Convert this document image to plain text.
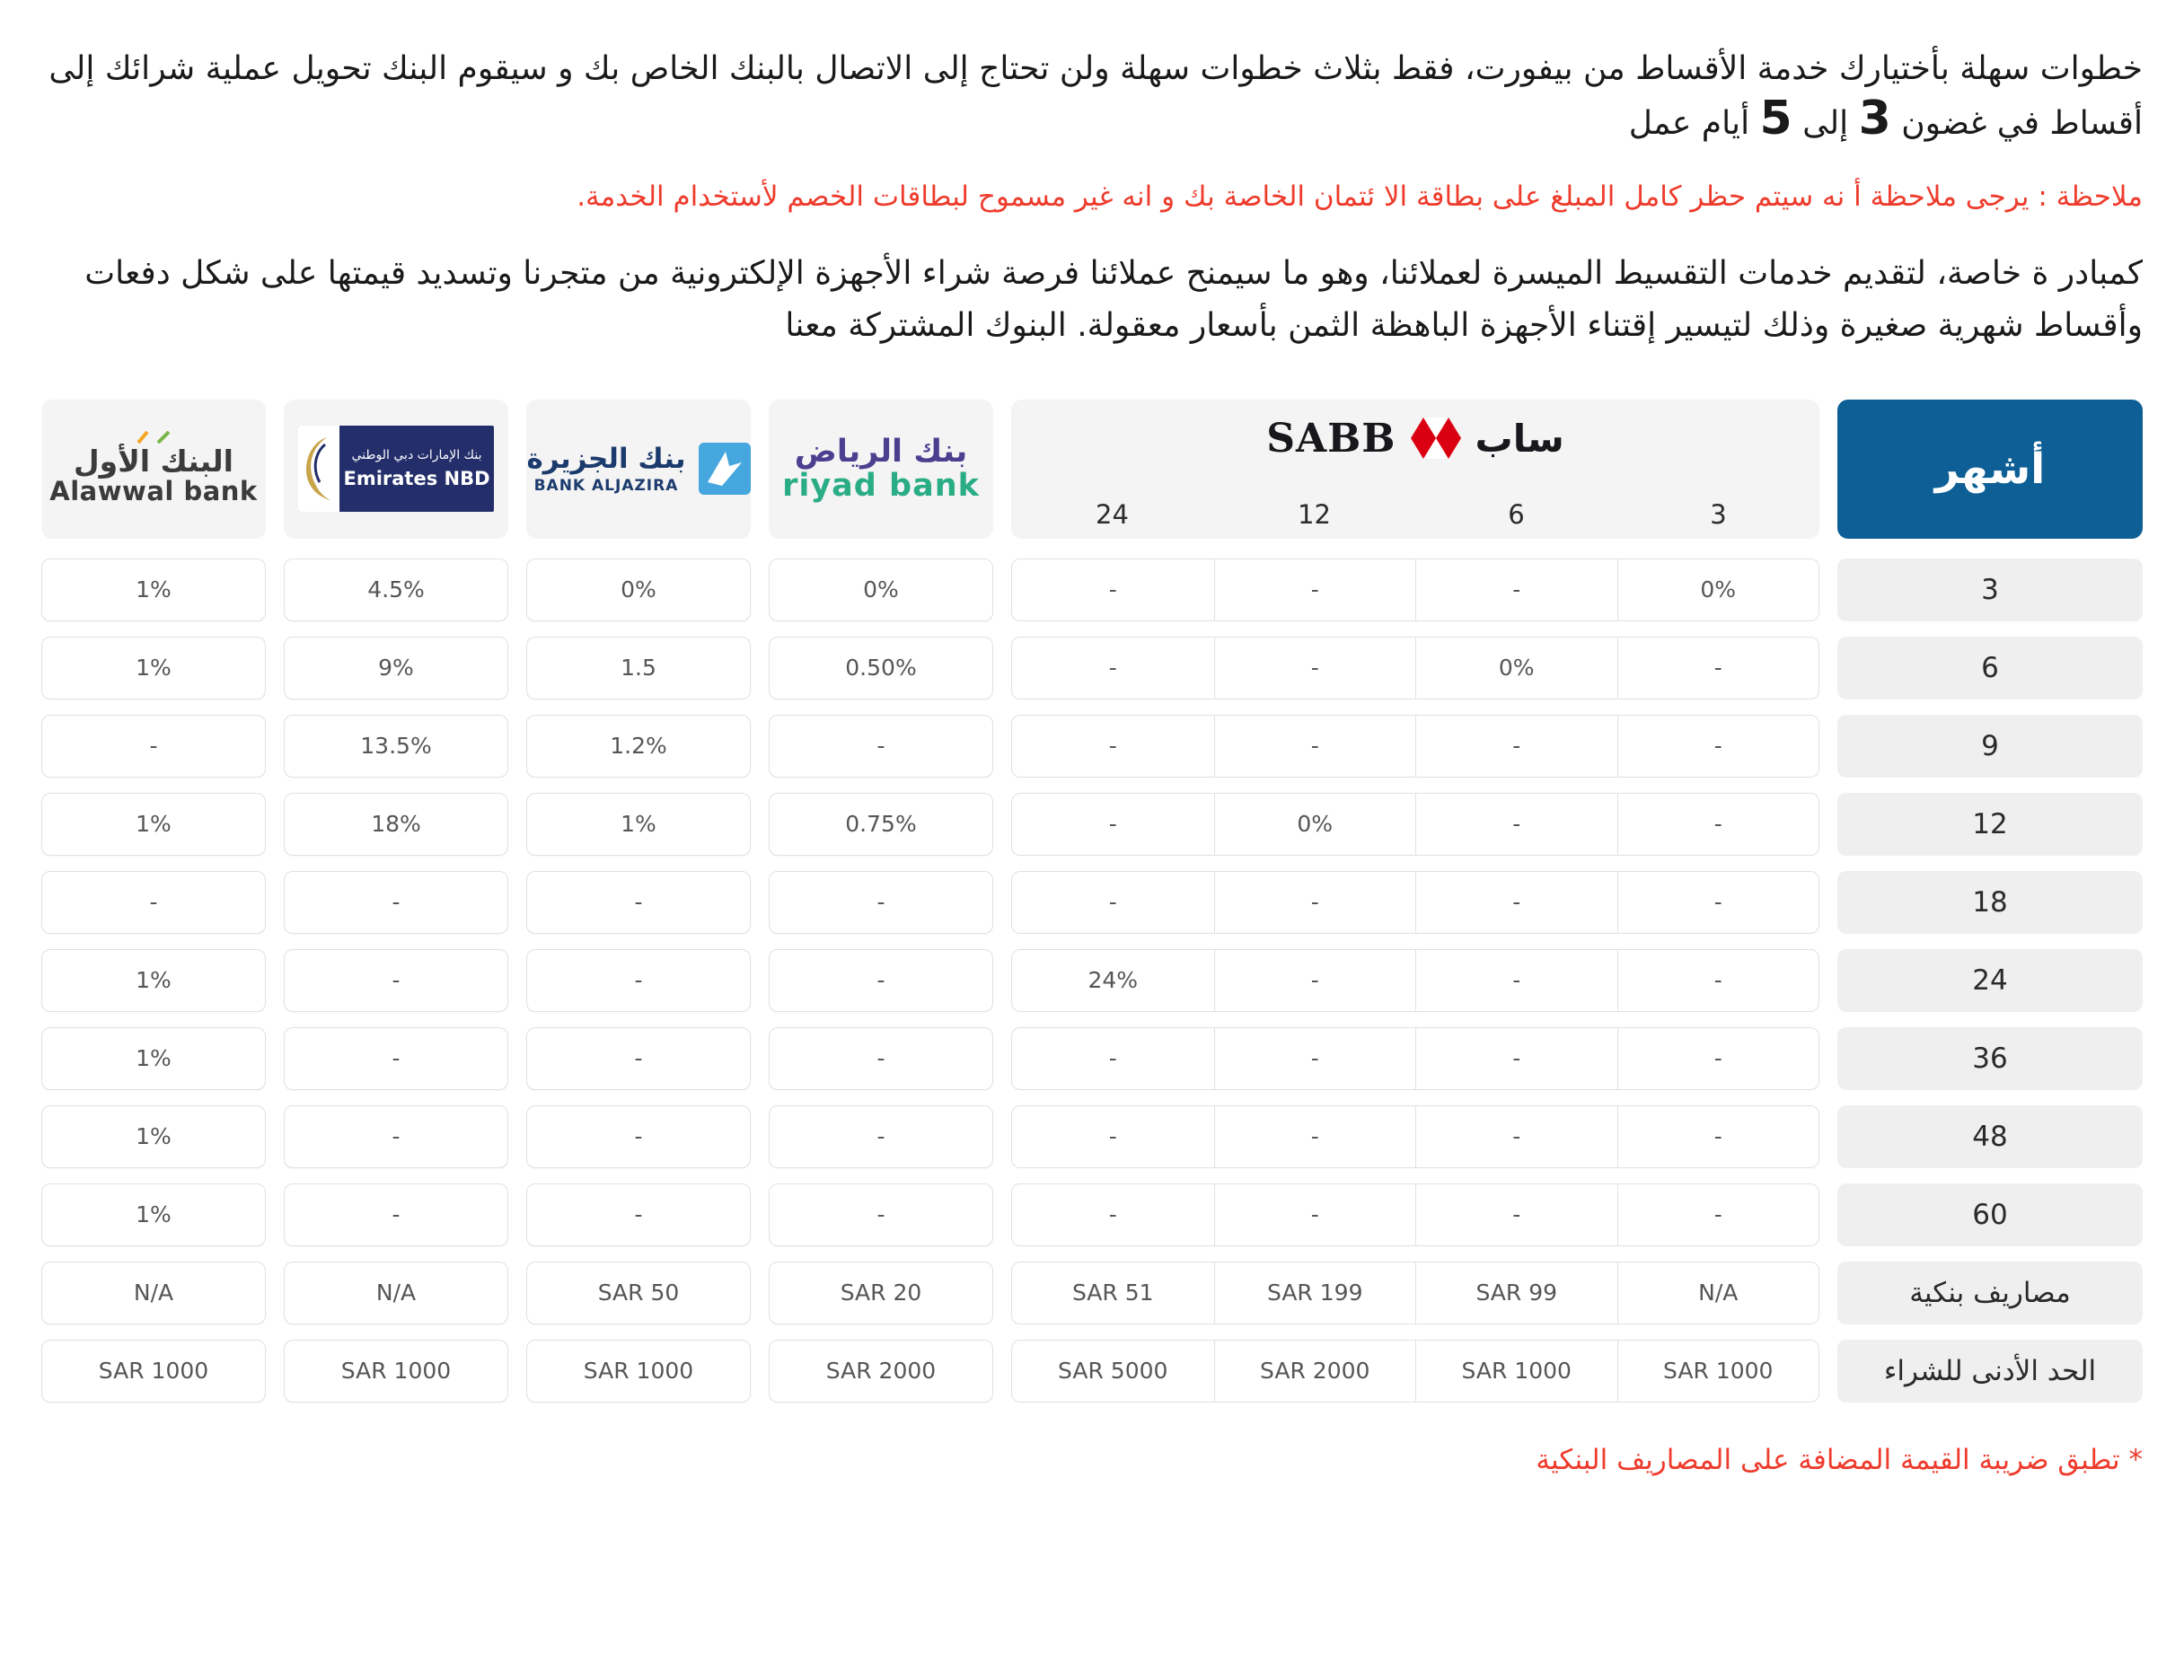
خطوات سهلة بأختيارك خدمة الأقساط من بيفورت، فقط بثلاث خطوات سهلة ولن تحتاج إلى الاتصال بالبنك الخاص بك و سيقوم البنك تحويل عملية شرائك إلى أقساط في غضون 3 إلى 5 أيام عمل

ملاحظة : يرجى ملاحظة أ نه سيتم حظر كامل المبلغ على بطاقة الا ئتمان الخاصة بك و انه غير مسموح لبطاقات الخصم لأستخدام الخدمة.

كمبادر ة خاصة، لتقديم خدمات التقسيط الميسرة لعملائنا، وهو ما سيمنح عملائنا فرصة شراء الأجهزة الإلكترونية من متجرنا وتسديد قيمتها على شكل دفعات وأقساط شهرية صغيرة وذلك لتيسير إقتناء الأجهزة الباهظة الثمن بأسعار معقولة. البنوك المشتركة معنا

البنك الأول
Alawwal bank
بنك الإمارات دبي الوطني
Emirates NBD
بنك الجزيرة
BANK ALJAZIRA
بنك الرياض
riyad bank
SABB ساب
24	12	6	3
أشهر
1%	4.5%	0%	0%	-	-	-	0%	3
1%	9%	1.5	0.50%	-	-	0%	-	6
-	13.5%	1.2%	-	-	-	-	-	9
1%	18%	1%	0.75%	-	0%	-	-	12
-	-	-	-	-	-	-	-	18
1%	-	-	-	24%	-	-	-	24
1%	-	-	-	-	-	-	-	36
1%	-	-	-	-	-	-	-	48
1%	-	-	-	-	-	-	-	60
N/A	N/A	SAR 50	SAR 20	SAR 51	SAR 199	SAR 99	N/A	مصاريف بنكية
SAR 1000	SAR 1000	SAR 1000	SAR 2000	SAR 5000	SAR 2000	SAR 1000	SAR 1000	الحد الأدنى للشراء

* تطبق ضريبة القيمة المضافة على المصاريف البنكية
